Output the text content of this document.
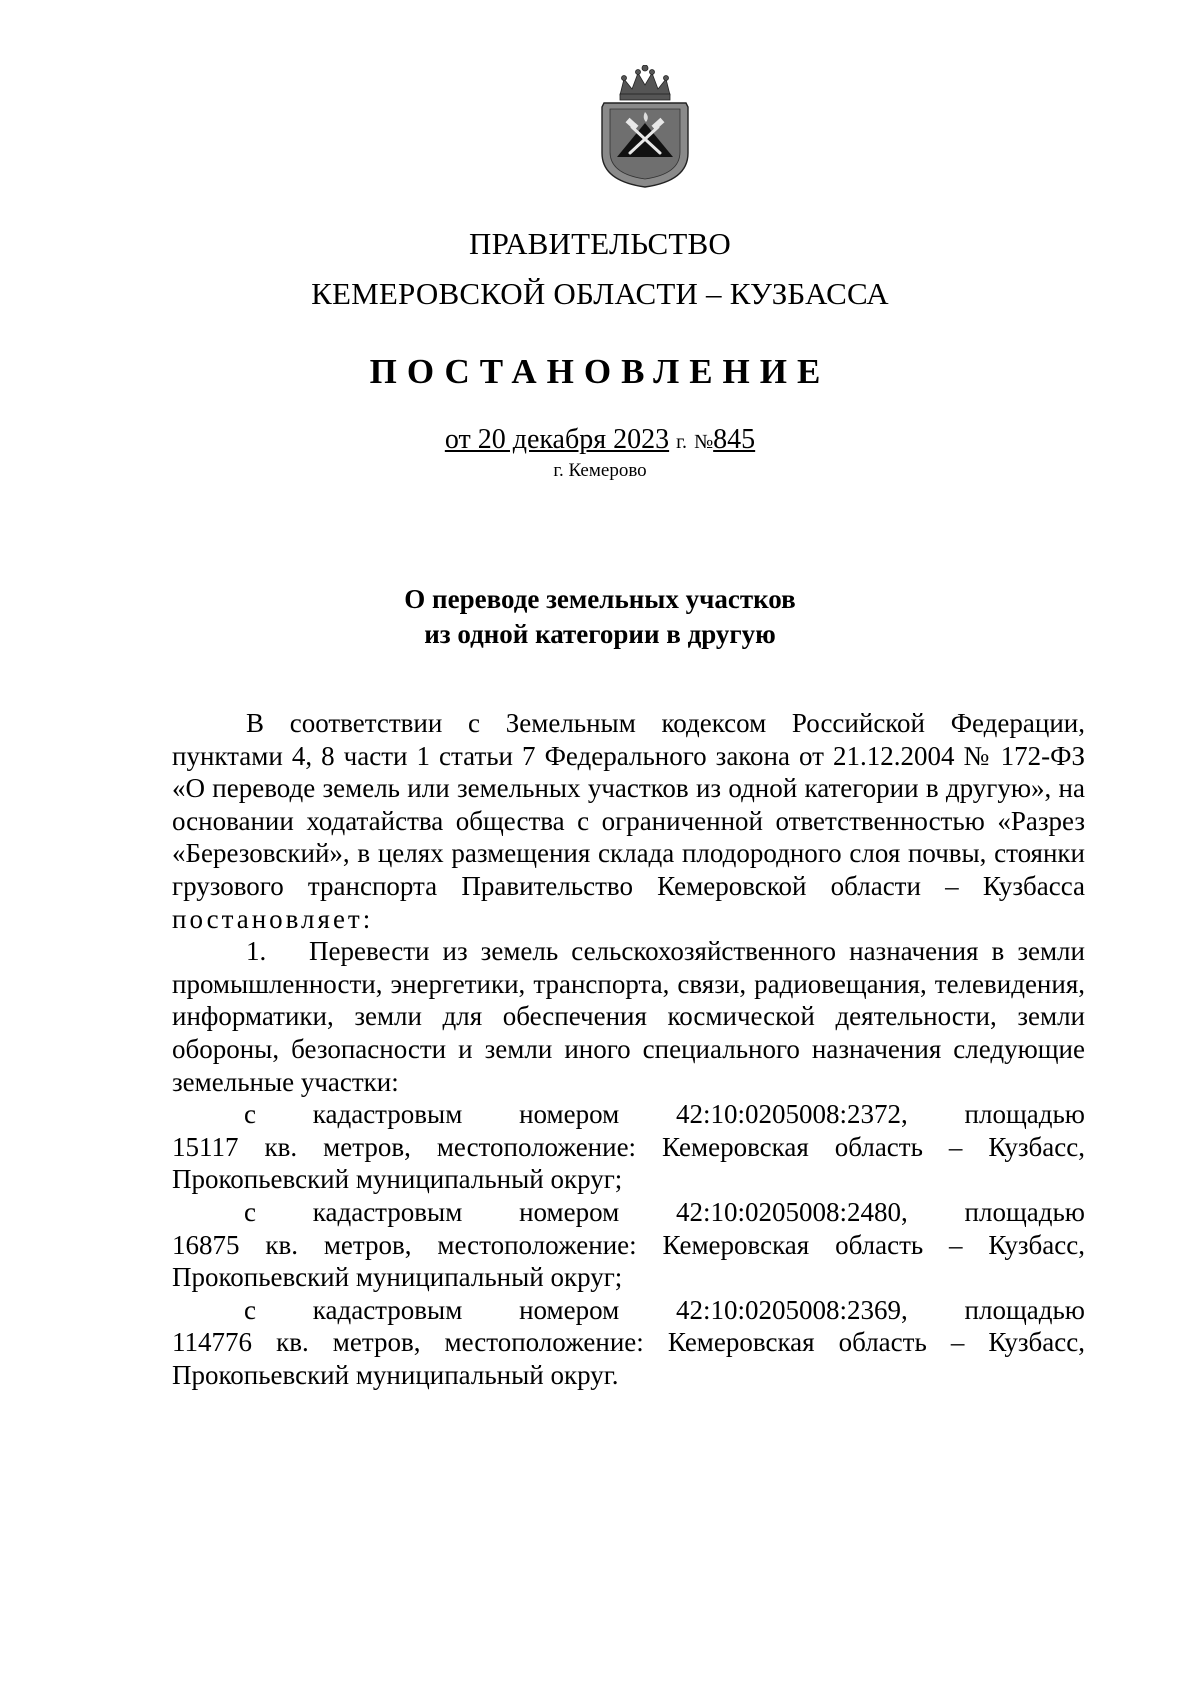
ПРАВИТЕЛЬСТВО
КЕМЕРОВСКОЙ ОБЛАСТИ – КУЗБАССА
ПОСТАНОВЛЕНИЕ
от 20 декабря 2023 г. №845
г. Кемерово
О переводе земельных участков
из одной категории в другую

В соответствии с Земельным кодексом Российской Федерации, пунктами 4, 8 части 1 статьи 7 Федерального закона от 21.12.2004 № 172-ФЗ «О переводе земель или земельных участков из одной категории в другую», на основании ходатайства общества с ограниченной ответственностью «Разрез «Березовский», в целях размещения склада плодородного слоя почвы, стоянки грузового транспорта Правительство Кемеровской области – Кузбасса постановляет:

1. Перевести из земель сельскохозяйственного назначения в земли промышленности, энергетики, транспорта, связи, радиовещания, телевидения, информатики, земли для обеспечения космической деятельности, земли обороны, безопасности и земли иного специального назначения следующие земельные участки:

с кадастровым номером 42:10:0205008:2372, площадью

15117 кв. метров, местоположение: Кемеровская область – Кузбасс, Прокопьевский муниципальный округ;

с кадастровым номером 42:10:0205008:2480, площадью

16875 кв. метров, местоположение: Кемеровская область – Кузбасс, Прокопьевский муниципальный округ;

с кадастровым номером 42:10:0205008:2369, площадью

114776 кв. метров, местоположение: Кемеровская область – Кузбасс, Прокопьевский муниципальный округ.
